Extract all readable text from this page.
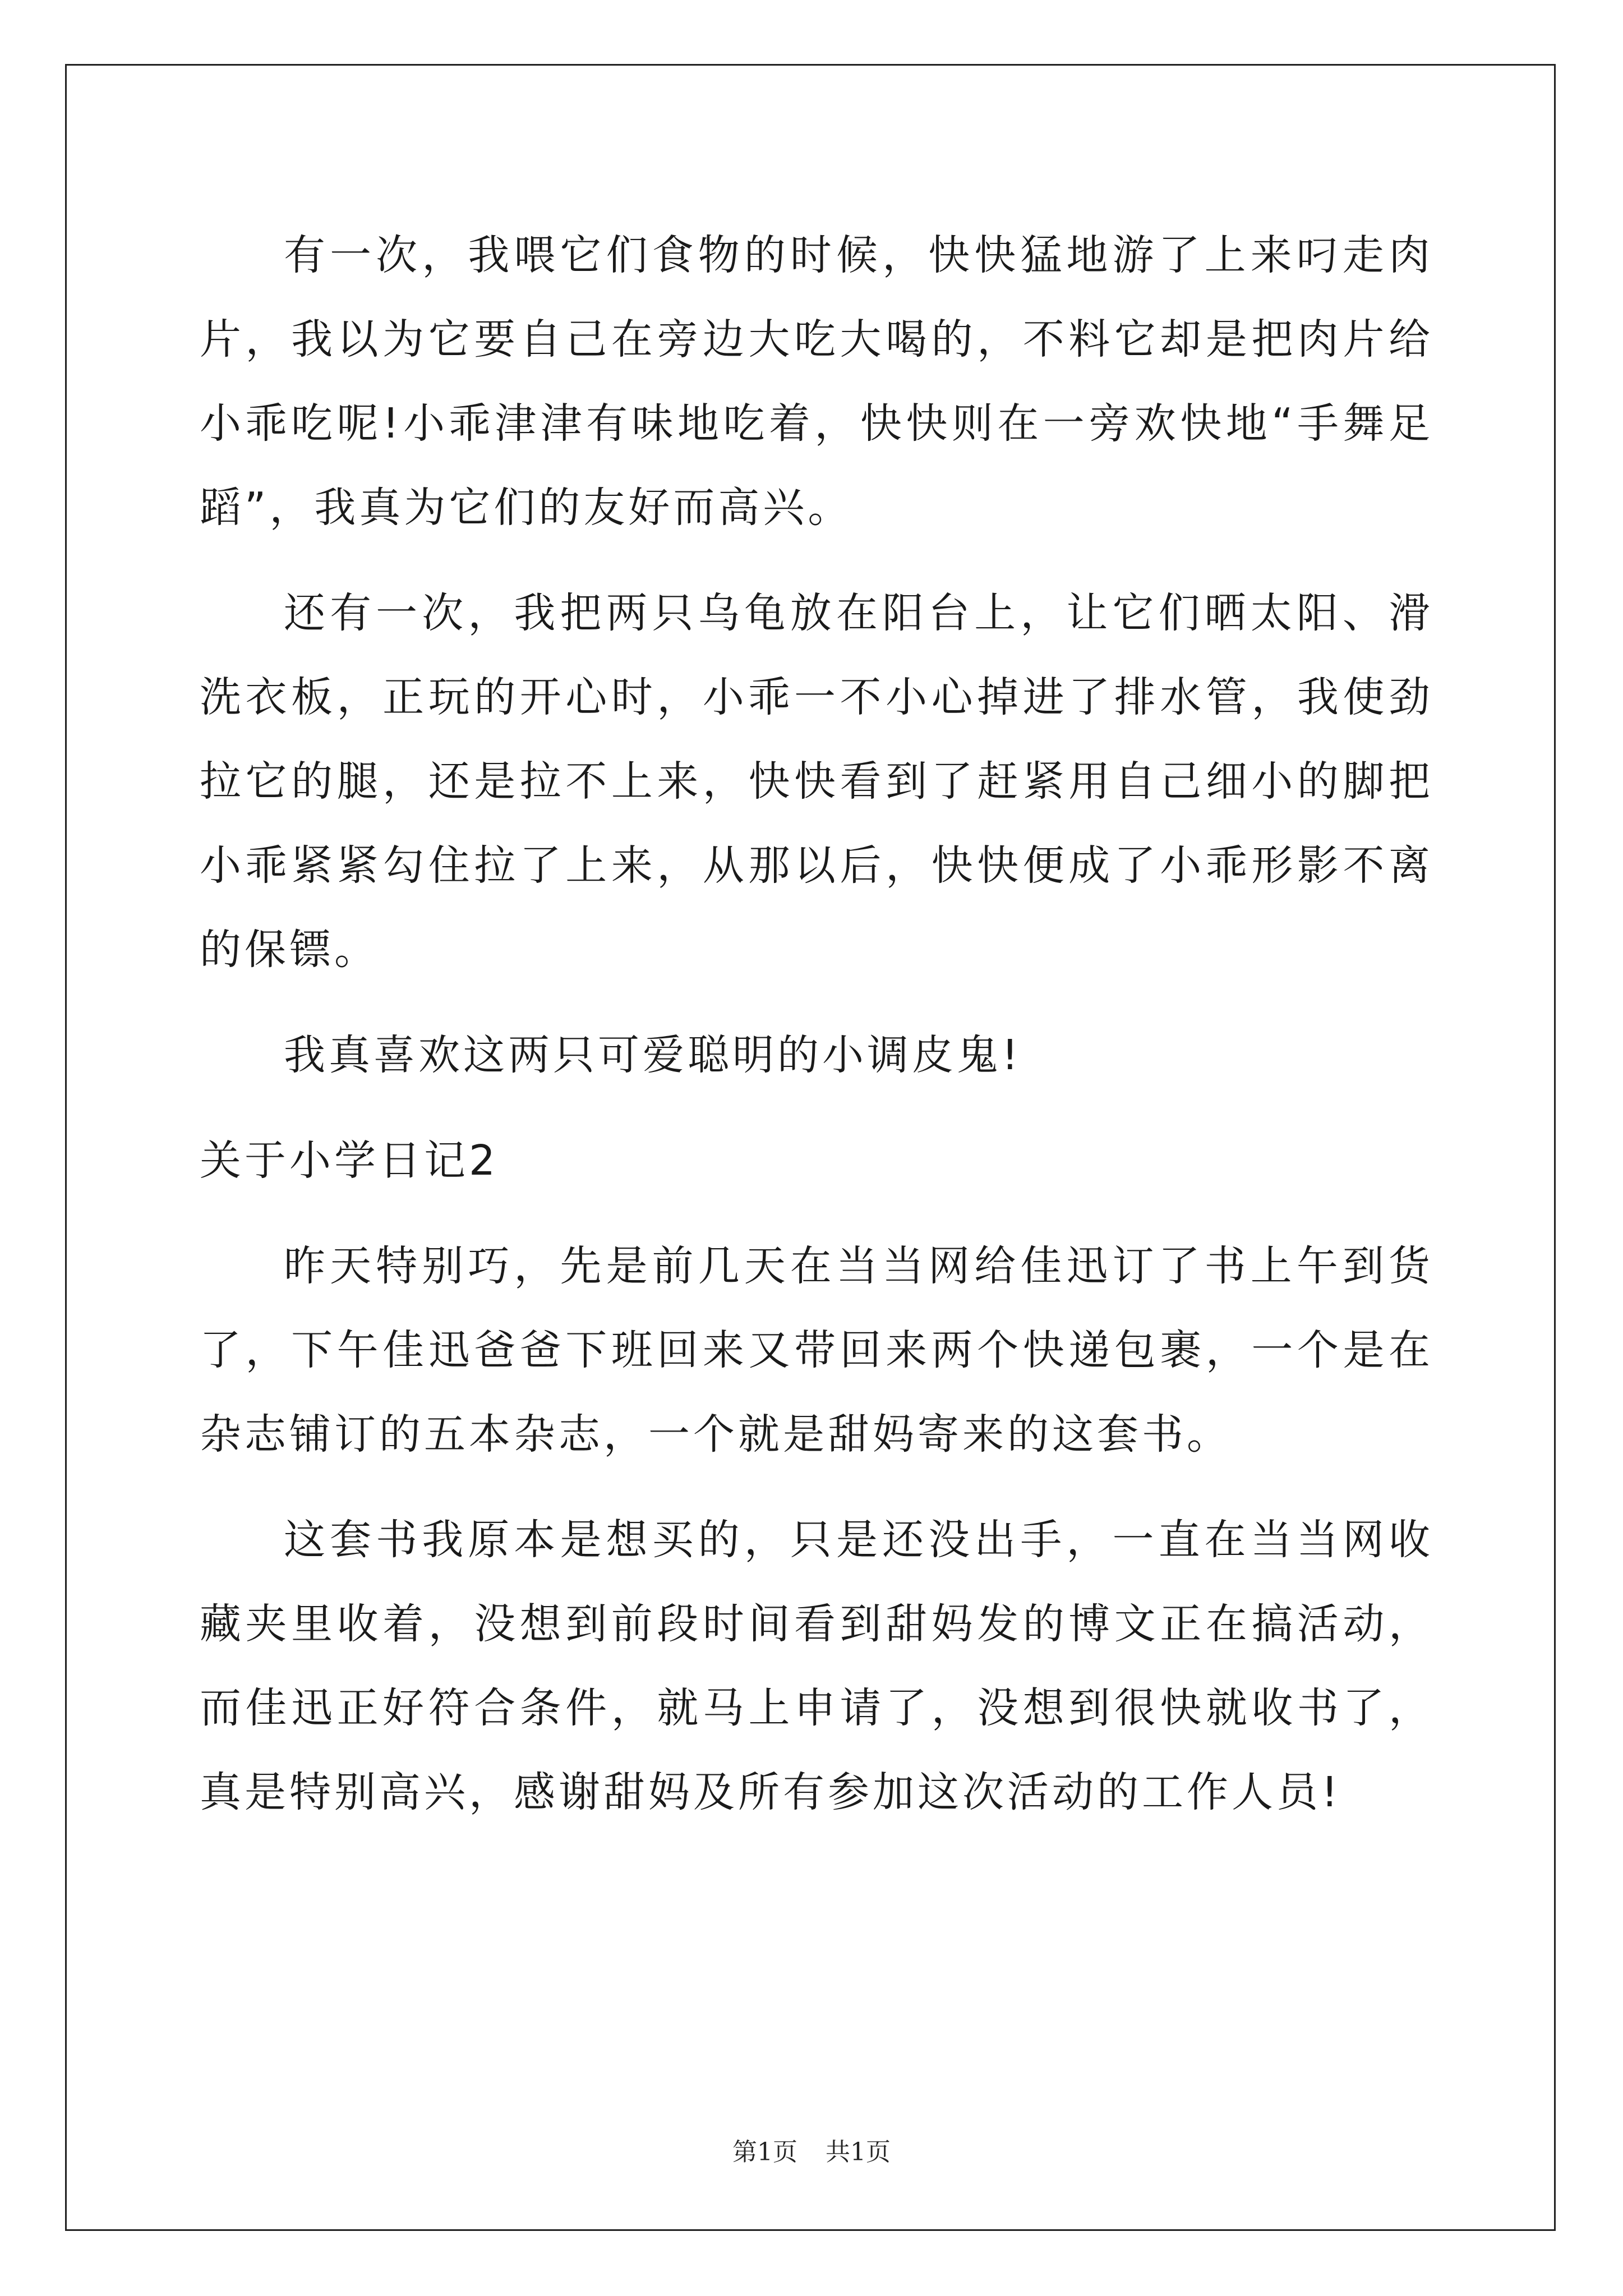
有一次，我喂它们食物的时候，快快猛地游了上来叼走肉片，我以为它要自己在旁边大吃大喝的，不料它却是把肉片给小乖吃呢!小乖津津有味地吃着，快快则在一旁欢快地“手舞足蹈”，我真为它们的友好而高兴。

还有一次，我把两只乌龟放在阳台上，让它们晒太阳、滑洗衣板，正玩的开心时，小乖一不小心掉进了排水管，我使劲拉它的腿，还是拉不上来，快快看到了赶紧用自己细小的脚把小乖紧紧勾住拉了上来，从那以后，快快便成了小乖形影不离的保镖。

我真喜欢这两只可爱聪明的小调皮鬼!

关于小学日记2

昨天特别巧，先是前几天在当当网给佳迅订了书上午到货了，下午佳迅爸爸下班回来又带回来两个快递包裹，一个是在杂志铺订的五本杂志，一个就是甜妈寄来的这套书。

这套书我原本是想买的，只是还没出手，一直在当当网收藏夹里收着，没想到前段时间看到甜妈发的博文正在搞活动，而佳迅正好符合条件，就马上申请了，没想到很快就收书了，真是特别高兴，感谢甜妈及所有参加这次活动的工作人员!

第1页 共1页
